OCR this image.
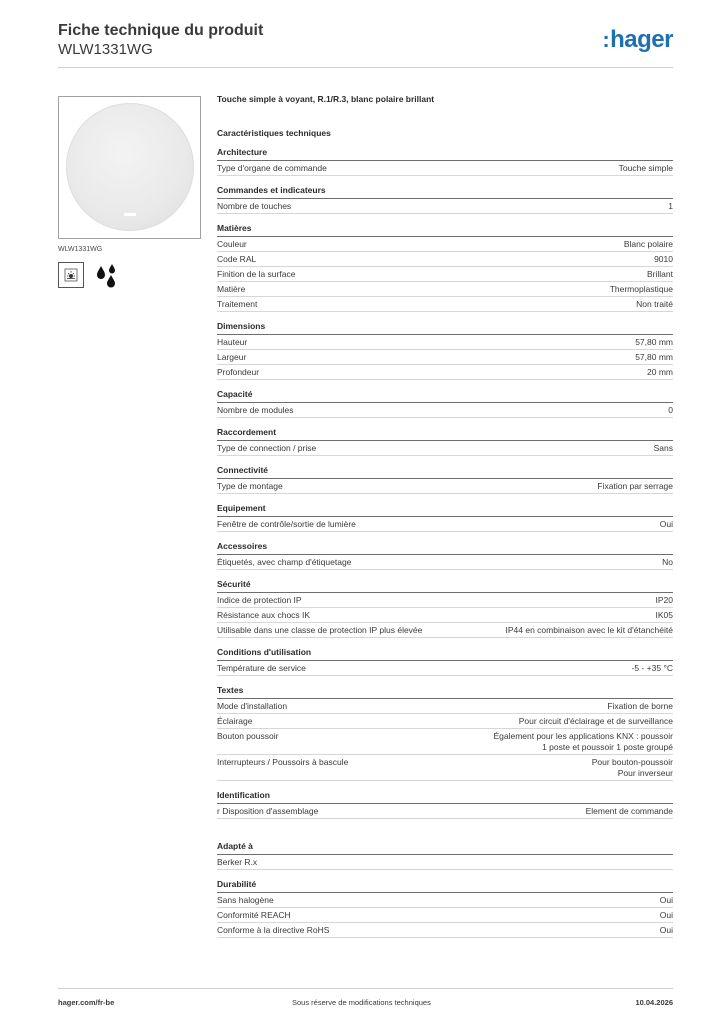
Fiche technique du produit
WLW1331WG	:hager
WLW1331WG
Touche simple à voyant, R.1/R.3, blanc polaire brillant
Caractéristiques techniques
Architecture
Type d'organe de commande	Touche simple
Commandes et indicateurs
Nombre de touches	1
Matières
Couleur	Blanc polaire
Code RAL	9010
Finition de la surface	Brillant
Matière	Thermoplastique
Traitement	Non traité
Dimensions
Hauteur	57,80 mm
Largeur	57,80 mm
Profondeur	20 mm
Capacité
Nombre de modules	0
Raccordement
Type de connection / prise	Sans
Connectivité
Type de montage	Fixation par serrage
Equipement
Fenêtre de contrôle/sortie de lumière	Oui
Accessoires
Étiquetés, avec champ d'étiquetage	No
Sécurité
Indice de protection IP	IP20
Résistance aux chocs IK	IK05
Utilisable dans une classe de protection IP plus élevée	IP44 en combinaison avec le kit d'étanchéité
Conditions d'utilisation
Température de service	-5 - +35 °C
Textes
Mode d'installation	Fixation de borne
Éclairage	Pour circuit d'éclairage et de surveillance
Bouton poussoir	Également pour les applications KNX : poussoir
1 poste et poussoir 1 poste groupé
Interrupteurs / Poussoirs à bascule	Pour bouton-poussoir
Pour inverseur
Identification
r Disposition d'assemblage	Element de commande
Adapté à
Berker R.x
Durabilité
Sans halogène	Oui
Conformité REACH	Oui
Conforme à la directive RoHS	Oui
hager.com/fr-be	Sous réserve de modifications techniques	10.04.2026
